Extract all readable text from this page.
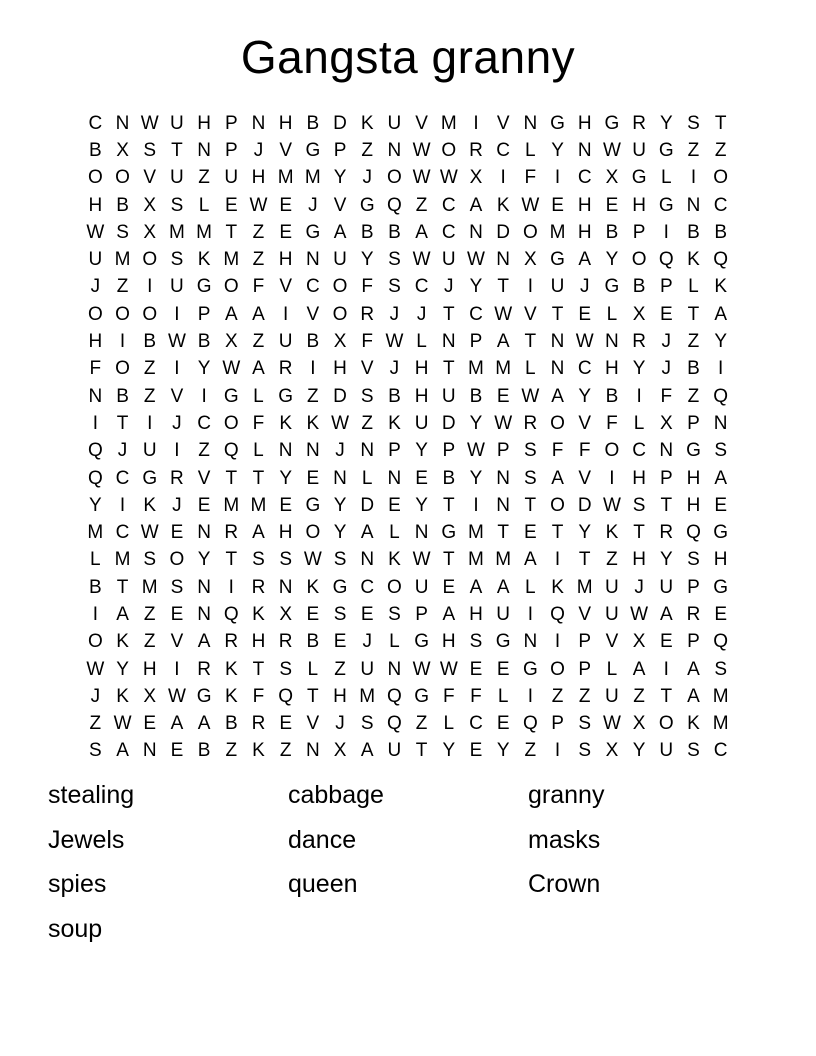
Gangsta granny
C N W U H P N H B D K U V M I V N G H G R Y S T
B X S T N P J V G P Z N W O R C L Y N W U G Z Z
O O V U Z U H M M Y J O W W X I F I C X G L	I O
H B X S L E W E J V G Q Z C A K W E H E H G N C
W S X M M T Z E G A B B A C N D O M H B P I B B
U M O S K M Z H N U Y S W U W N X G A Y O Q K Q
J Z I U G O F V C O F S C J Y T I U J G B P L K
O O O I P A A I V O R J J T C W V T E L X E T A
H I B W B X Z U B X F W L N P A T N W N R J Z Y
F O Z I Y W A R I H V J H T M M L N C H Y J B I
N B Z V I G L G Z D S B H U B E W A Y B I F Z Q
I T I	J C O F K K W Z K U D Y W R O V F L X P N
Q J U I Z Q L N N J N P Y P W P S F F O C N G S
Q C G R V T T Y E N L N E B Y N S A V I H P H A
Y I K J E M M E G Y D E Y T I N T O D W S T H E
M C W E N R A H O Y A L N G M T E T Y K T R Q G
L M S O Y T S S W S N K W T M M A I T Z H Y S H
B T M S N I R N K G C O U E A A L K M U J U P G
I A Z E N Q K X E S E S P A H U I Q V U W A R E
O K Z V A R H R B E J L G H S G N I P V X E P Q
W Y H I R K T S L Z U N W W E E G O P L A I A S
J K X W G K F Q T H M Q G F F L	I Z Z U Z T A M
Z W E A A B R E V J S Q Z L C E Q P S W X O K M
S A N E B Z K Z N X A U T Y E Y Z I S X Y U S C
stealing
Jewels
spies
soup
cabbage
dance
queen
granny
masks
Crown
